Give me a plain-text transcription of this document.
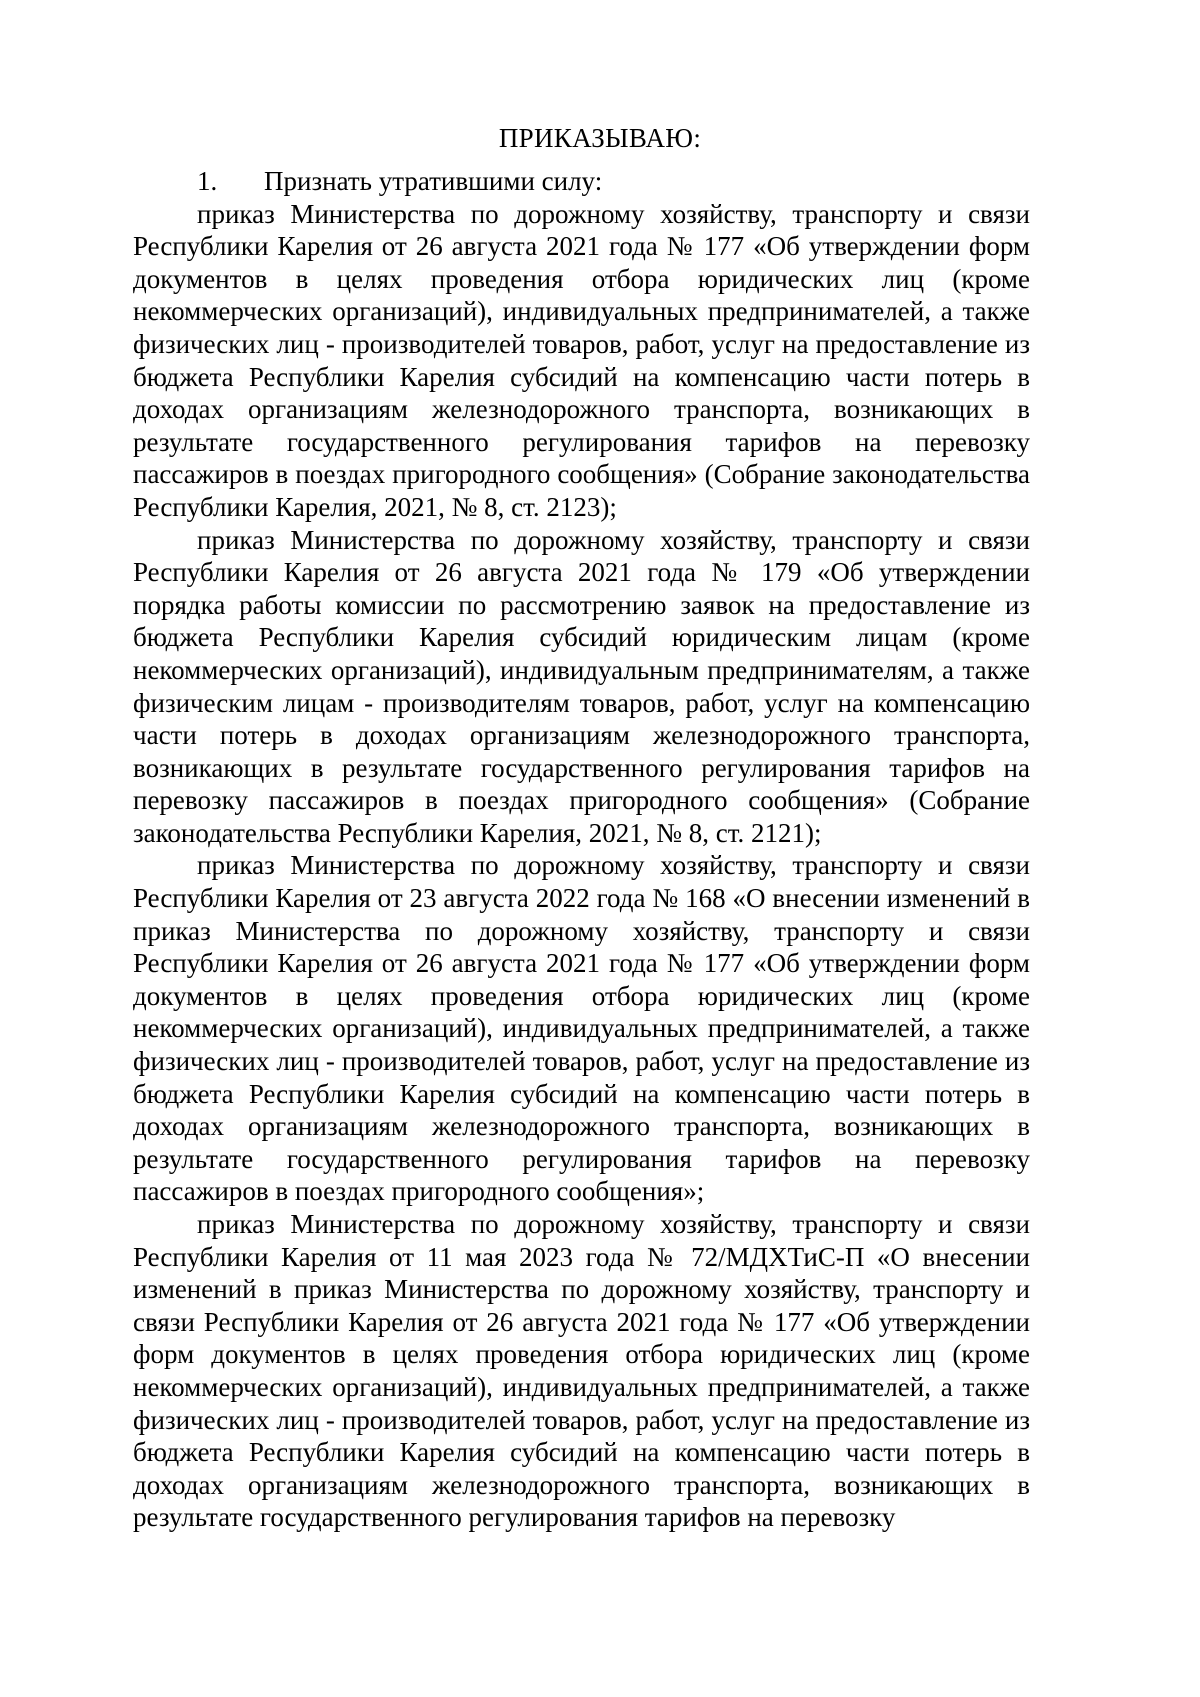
ПРИКАЗЫВАЮ:
1. Признать утратившими силу:

приказ Министерства по дорожному хозяйству, транспорту и связи Республики Карелия от 26 августа 2021 года № 177 «Об утверждении форм документов в целях проведения отбора юридических лиц (кроме некоммерческих организаций), индивидуальных предпринимателей, а также физических лиц - производителей товаров, работ, услуг на предоставление из бюджета Республики Карелия субсидий на компенсацию части потерь в доходах организациям железнодорожного транспорта, возникающих в результате государственного регулирования тарифов на перевозку пассажиров в поездах пригородного сообщения» (Собрание законодательства Республики Карелия, 2021, № 8, ст. 2123);

приказ Министерства по дорожному хозяйству, транспорту и связи Республики Карелия от 26 августа 2021 года № 179 «Об утверждении порядка работы комиссии по рассмотрению заявок на предоставление из бюджета Республики Карелия субсидий юридическим лицам (кроме некоммерческих организаций), индивидуальным предпринимателям, а также физическим лицам - производителям товаров, работ, услуг на компенсацию части потерь в доходах организациям железнодорожного транспорта, возникающих в результате государственного регулирования тарифов на перевозку пассажиров в поездах пригородного сообщения» (Собрание законодательства Республики Карелия, 2021, № 8, ст. 2121);

приказ Министерства по дорожному хозяйству, транспорту и связи Республики Карелия от 23 августа 2022 года № 168 «О внесении изменений в приказ Министерства по дорожному хозяйству, транспорту и связи Республики Карелия от 26 августа 2021 года № 177 «Об утверждении форм документов в целях проведения отбора юридических лиц (кроме некоммерческих организаций), индивидуальных предпринимателей, а также физических лиц - производителей товаров, работ, услуг на предоставление из бюджета Республики Карелия субсидий на компенсацию части потерь в доходах организациям железнодорожного транспорта, возникающих в результате государственного регулирования тарифов на перевозку пассажиров в поездах пригородного сообщения»;

приказ Министерства по дорожному хозяйству, транспорту и связи Республики Карелия от 11 мая 2023 года № 72/МДХТиС-П «О внесении изменений в приказ Министерства по дорожному хозяйству, транспорту и связи Республики Карелия от 26 августа 2021 года № 177 «Об утверждении форм документов в целях проведения отбора юридических лиц (кроме некоммерческих организаций), индивидуальных предпринимателей, а также физических лиц - производителей товаров, работ, услуг на предоставление из бюджета Республики Карелия субсидий на компенсацию части потерь в доходах организациям железнодорожного транспорта, возникающих в результате государственного регулирования тарифов на перевозку
